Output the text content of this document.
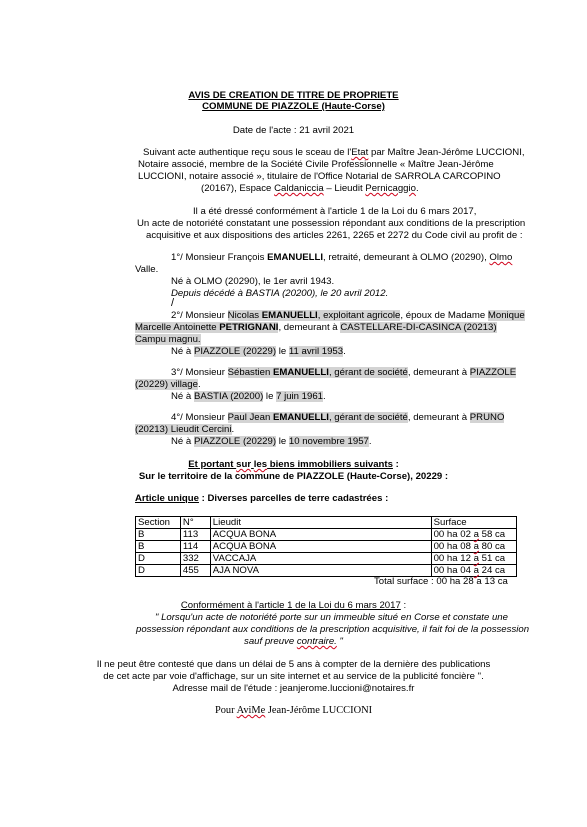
AVIS DE CREATION DE TITRE DE PROPRIETE
COMMUNE DE PIAZZOLE (Haute-Corse)
Date de l'acte : 21 avril 2021
Suivant acte authentique reçu sous le sceau de l'Etat par Maître Jean-Jérôme LUCCIONI,
Notaire associé, membre de la Société Civile Professionnelle « Maître Jean-Jérôme
LUCCIONI, notaire associé », titulaire de l'Office Notarial de SARROLA CARCOPINO
(20167), Espace Caldaniccia – Lieudit Pernicaggio.
Il a été dressé conformément à l'article 1 de la Loi du 6 mars 2017,
Un acte de notoriété constatant une possession répondant aux conditions de la prescription
acquisitive et aux dispositions des articles 2261, 2265 et 2272 du Code civil au profit de :
1°/ Monsieur François EMANUELLI, retraité, demeurant à OLMO (20290), Olmo
Valle.
Né à OLMO (20290), le 1er avril 1943.
Depuis décédé à BASTIA (20200), le 20 avril 2012.
/
2°/ Monsieur Nicolas EMANUELLI, exploitant agricole, époux de Madame Monique
Marcelle Antoinette PETRIGNANI, demeurant à CASTELLARE-DI-CASINCA (20213)
Campu magnu.
Né à PIAZZOLE (20229) le 11 avril 1953.
3°/ Monsieur Sébastien EMANUELLI, gérant de société, demeurant à PIAZZOLE
(20229) village.
Né à BASTIA (20200) le 7 juin 1961.
4°/ Monsieur Paul Jean EMANUELLI, gérant de société, demeurant à PRUNO
(20213) Lieudit Cercini.
Né à PIAZZOLE (20229) le 10 novembre 1957.
Et portant sur les biens immobiliers suivants :
Sur le territoire de la commune de PIAZZOLE (Haute-Corse), 20229 :
Article unique : Diverses parcelles de terre cadastrées :
Section	N°	Lieudit	Surface
B	113	ACQUA BONA	00 ha 02 a 58 ca
B	114	ACQUA BONA	00 ha 08 a 80 ca
D	332	VACCAJA	00 ha 12 a 51 ca
D	455	AJA NOVA	00 ha 04 a 24 ca
Total surface : 00 ha 28 a 13 ca
Conformément à l'article 1 de la Loi du 6 mars 2017 :
" Lorsqu'un acte de notoriété porte sur un immeuble situé en Corse et constate une
possession répondant aux conditions de la prescription acquisitive, il fait foi de la possession
sauf preuve contraire. "
Il ne peut être contesté que dans un délai de 5 ans à compter de la dernière des publications
de cet acte par voie d'affichage, sur un site internet et au service de la publicité foncière ".
Adresse mail de l'étude : jeanjerome.luccioni@notaires.fr
Pour AviMe Jean-Jérôme LUCCIONI
